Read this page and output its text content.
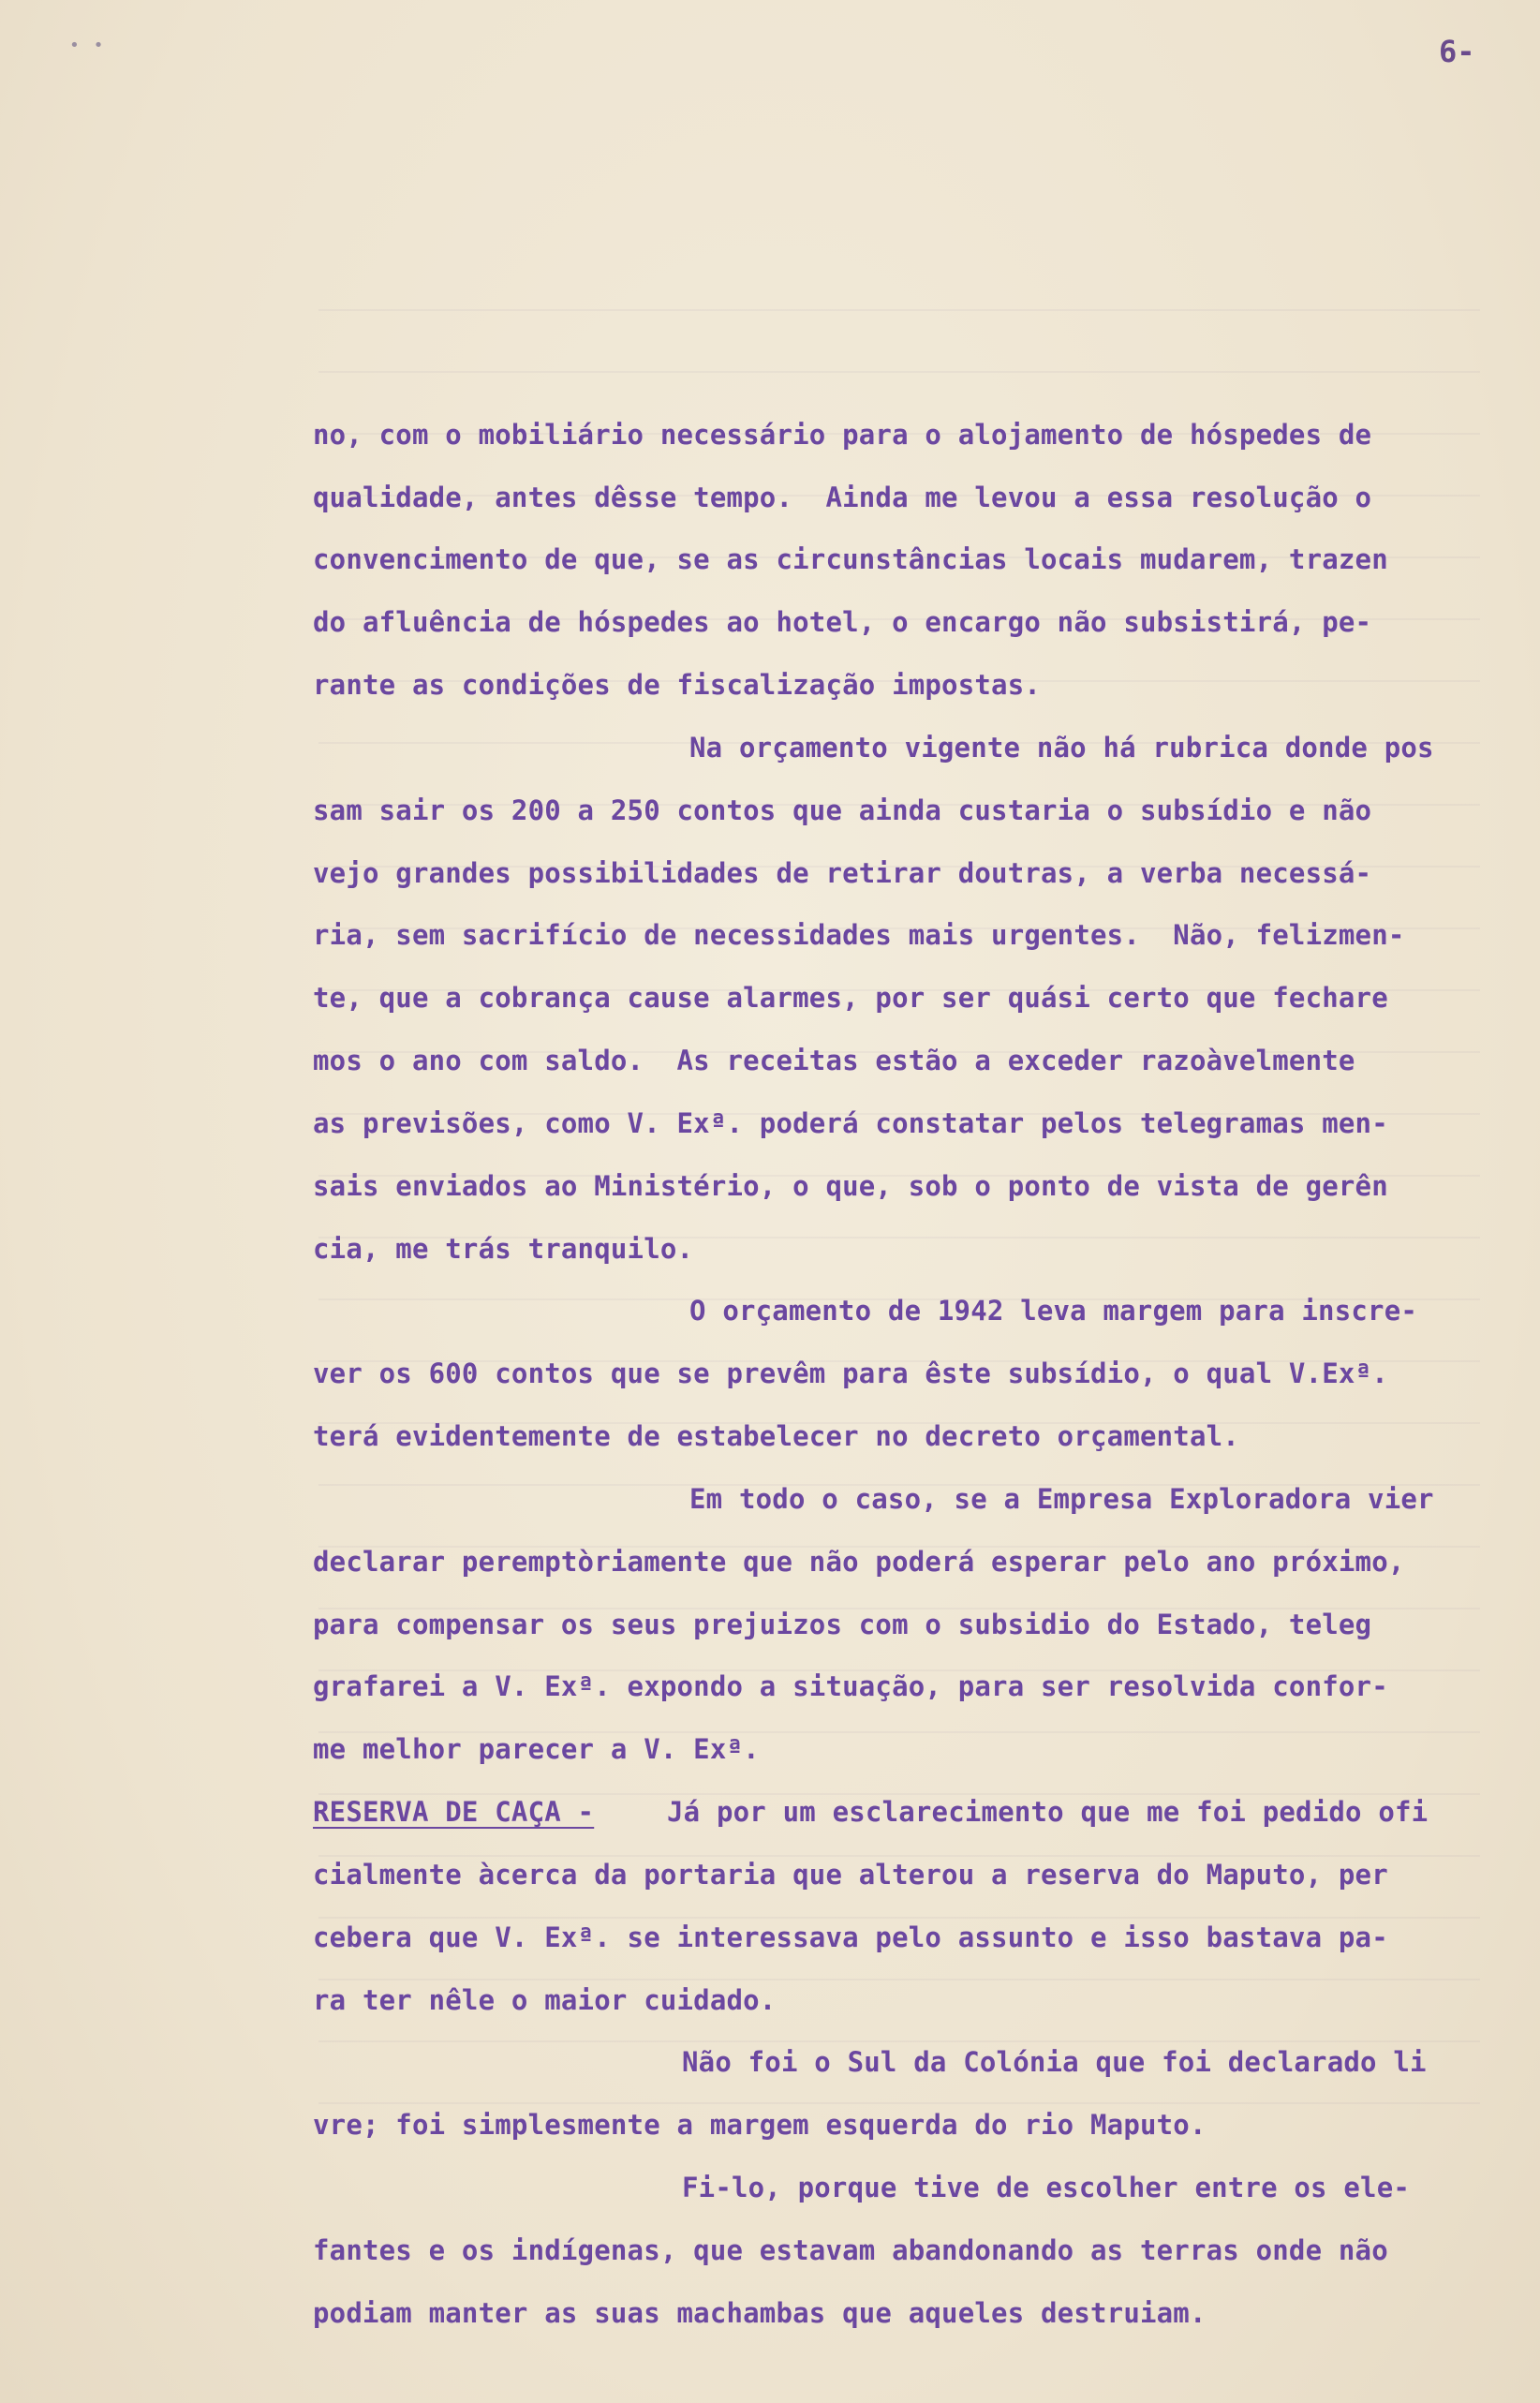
• •	6-
no, com o mobiliário necessário para o alojamento de hóspedes de
qualidade, antes dêsse tempo.  Ainda me levou a essa resolução o
convencimento de que, se as circunstâncias locais mudarem, trazen
do afluência de hóspedes ao hotel, o encargo não subsistirá, pe-
rante as condições de fiscalização impostas.
Na orçamento vigente não há rubrica donde pos
sam sair os 200 a 250 contos que ainda custaria o subsídio e não
vejo grandes possibilidades de retirar doutras, a verba necessá-
ria, sem sacrifício de necessidades mais urgentes.  Não, felizmen-
te, que a cobrança cause alarmes, por ser quási certo que fechare
mos o ano com saldo.  As receitas estão a exceder razoàvelmente
as previsões, como V. Exª. poderá constatar pelos telegramas men-
sais enviados ao Ministério, o que, sob o ponto de vista de gerên
cia, me trás tranquilo.
O orçamento de 1942 leva margem para inscre-
ver os 600 contos que se prevêm para êste subsídio, o qual V.Exª.
terá evidentemente de estabelecer no decreto orçamental.
Em todo o caso, se a Empresa Exploradora vier
declarar peremptòriamente que não poderá esperar pelo ano próximo,
para compensar os seus prejuizos com o subsidio do Estado, teleg
grafarei a V. Exª. expondo a situação, para ser resolvida confor-
me melhor parecer a V. Exª.
RESERVA DE CAÇA -	Já por um esclarecimento que me foi pedido ofi
cialmente àcerca da portaria que alterou a reserva do Maputo, per
cebera que V. Exª. se interessava pelo assunto e isso bastava pa-
ra ter nêle o maior cuidado.
Não foi o Sul da Colónia que foi declarado li
vre; foi simplesmente a margem esquerda do rio Maputo.
Fi-lo, porque tive de escolher entre os ele-
fantes e os indígenas, que estavam abandonando as terras onde não
podiam manter as suas machambas que aqueles destruiam.
